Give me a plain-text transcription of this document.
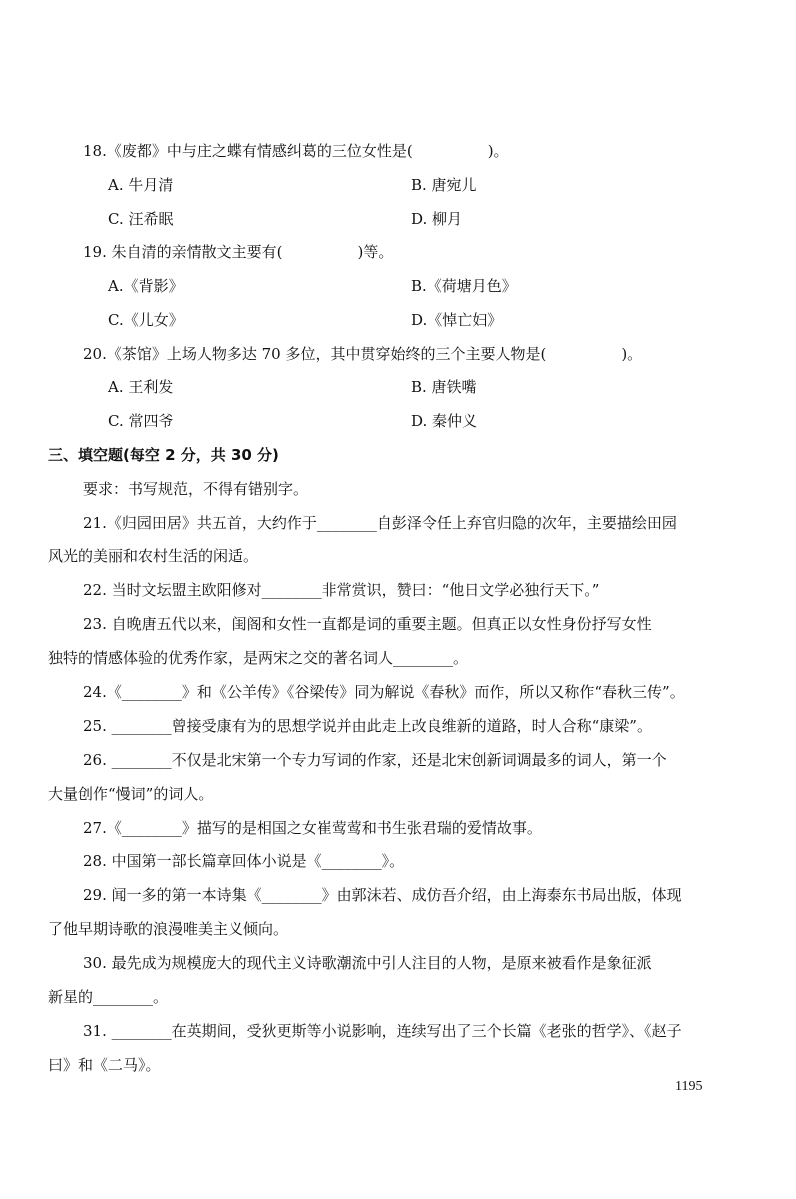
18.《废都》中与庄之蝶有情感纠葛的三位女性是(　　　　　)。
A. 牛月清	B. 唐宛儿
C. 汪希眠	D. 柳月
19. 朱自清的亲情散文主要有(　　　　　)等。
A.《背影》	B.《荷塘月色》
C.《儿女》	D.《悼亡妇》
20.《茶馆》上场人物多达 70 多位，其中贯穿始终的三个主要人物是(　　　　　)。
A. 王利发	B. 唐铁嘴
C. 常四爷	D. 秦仲义
三、填空题(每空 2 分，共 30 分)
要求：书写规范，不得有错别字。
21.《归园田居》共五首，大约作于________自彭泽令任上弃官归隐的次年，主要描绘田园
风光的美丽和农村生活的闲适。
22. 当时文坛盟主欧阳修对________非常赏识，赞曰：“他日文学必独行天下。”
23. 自晚唐五代以来，闺阁和女性一直都是词的重要主题。但真正以女性身份抒写女性
独特的情感体验的优秀作家，是两宋之交的著名词人________。
24.《________》和《公羊传》《谷梁传》同为解说《春秋》而作，所以又称作“春秋三传”。
25. ________曾接受康有为的思想学说并由此走上改良维新的道路，时人合称“康梁”。
26. ________不仅是北宋第一个专力写词的作家，还是北宋创新词调最多的词人，第一个
大量创作“慢词”的词人。
27.《________》描写的是相国之女崔莺莺和书生张君瑞的爱情故事。
28. 中国第一部长篇章回体小说是《________》。
29. 闻一多的第一本诗集《________》由郭沫若、成仿吾介绍，由上海泰东书局出版，体现
了他早期诗歌的浪漫唯美主义倾向。
30. 最先成为规模庞大的现代主义诗歌潮流中引人注目的人物，是原来被看作是象征派
新星的________。
31. ________在英期间，受狄更斯等小说影响，连续写出了三个长篇《老张的哲学》、《赵子
曰》和《二马》。
1195
